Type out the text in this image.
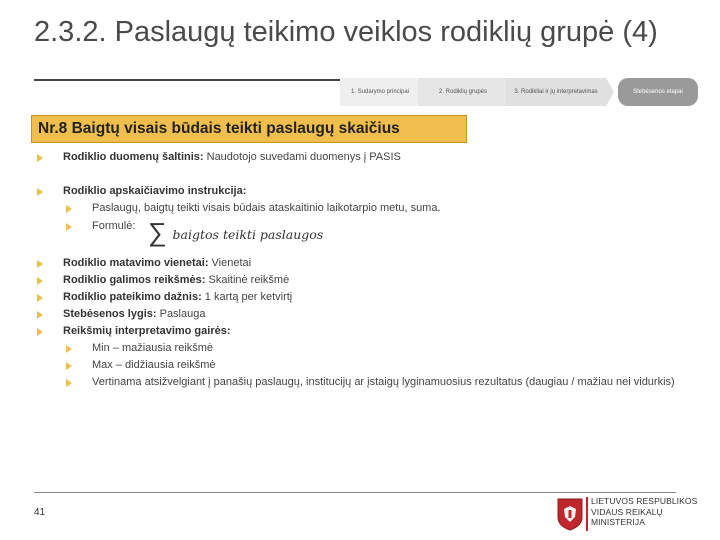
2.3.2. Paslaugų teikimo veiklos rodiklių grupė (4)
1. Sudarymo principai	2. Rodiklių grupės	3. Rodikliai ir jų interpretavimas	Stebėsenos etapai
Nr.8 Baigtų visais būdais teikti paslaugų skaičius
Rodiklio duomenų šaltinis: Naudotojo suvedami duomenys į PASIS
Rodiklio apskaičiavimo instrukcija:
Paslaugų, baigtų teikti visais būdais ataskaitinio laikotarpio metu, suma.
Formulė: ∑ baigtos teikti paslaugos
Rodiklio matavimo vienetai: Vienetai
Rodiklio galimos reikšmės: Skaitinė reikšmė
Rodiklio pateikimo dažnis: 1 kartą per ketvirtį
Stebėsenos lygis: Paslauga
Reikšmių interpretavimo gairės:
Min – mažiausia reikšmė
Max – didžiausia reikšmė
Vertinama atsižvelgiant į panašių paslaugų, institucijų ar įstaigų lyginamuosius rezultatus (daugiau / mažiau nei vidurkis)
41
LIETUVOS RESPUBLIKOS
VIDAUS REIKALŲ
MINISTERIJA
